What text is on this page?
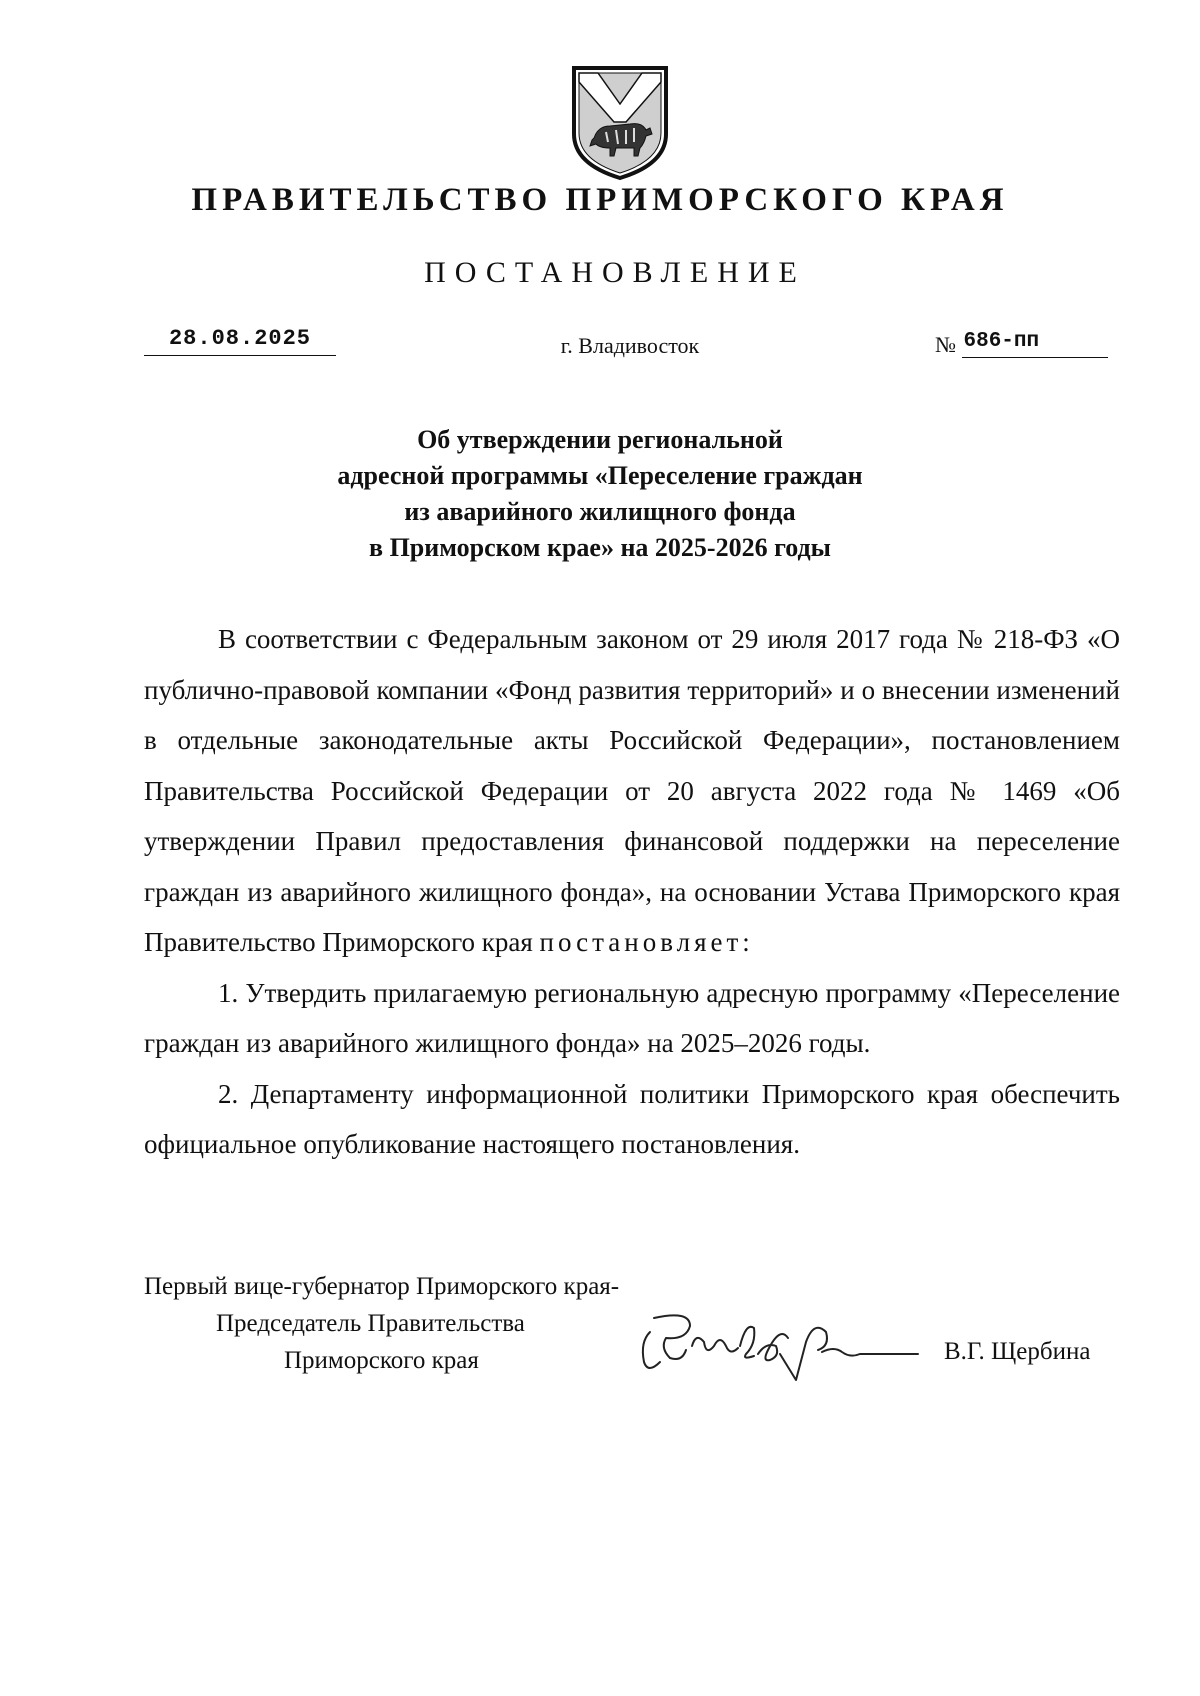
ПРАВИТЕЛЬСТВО ПРИМОРСКОГО КРАЯ
ПОСТАНОВЛЕНИЕ
28.08.2025	г. Владивосток	№ 686-пп
Об утверждении региональной
адресной программы «Переселение граждан
из аварийного жилищного фонда
в Приморском крае» на 2025-2026 годы

В соответствии с Федеральным законом от 29 июля 2017 года № 218-ФЗ «О публично-правовой компании «Фонд развития территорий» и о внесении изменений в отдельные законодательные акты Российской Федерации», постановлением Правительства Российской Федерации от 20 августа 2022 года № 1469 «Об утверждении Правил предоставления финансовой поддержки на переселение граждан из аварийного жилищного фонда», на основании Устава Приморского края Правительство Приморского края постановляет:

1. Утвердить прилагаемую региональную адресную программу «Переселение граждан из аварийного жилищного фонда» на 2025–2026 годы.

2. Департаменту информационной политики Приморского края обеспечить официальное опубликование настоящего постановления.

Первый вице-губернатор Приморского края-
Председатель Правительства
Приморского края	В.Г. Щербина
